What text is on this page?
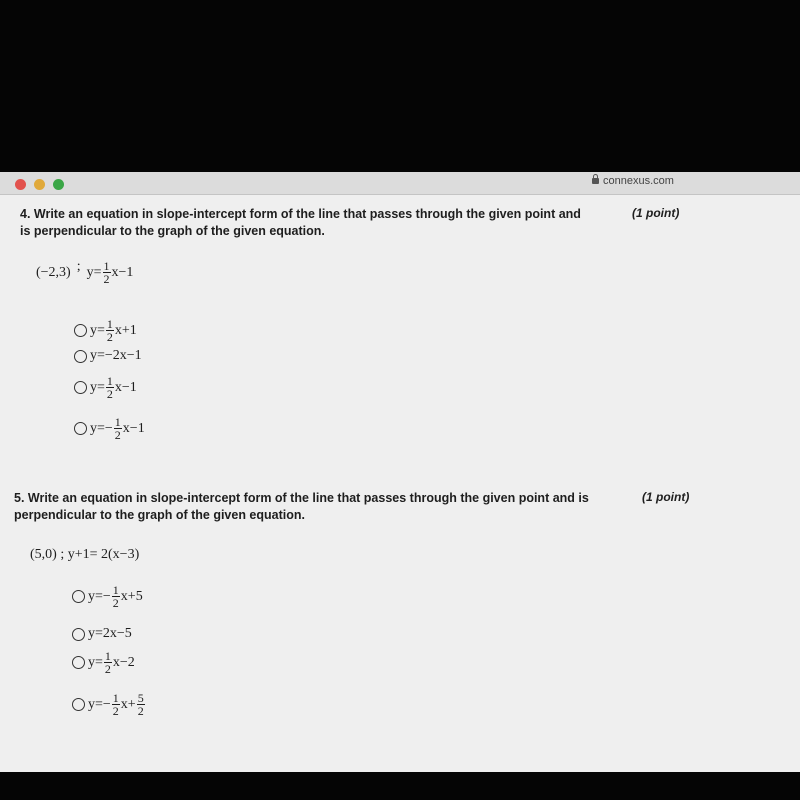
connexus.com
4. Write an equation in slope-intercept form of the line that passes through the given point and is perpendicular to the graph of the given equation.
(1 point)
(−2,3) ; $y= \frac{1}{2} x-1$
$y= \frac{1}{2} x+1$
y=−2x−1
$y= \frac{1}{2} x-1$
$y=- \frac{1}{2} x-1$
5. Write an equation in slope-intercept form of the line that passes through the given point and is perpendicular to the graph of the given equation.
(1 point)
(5,0) ; y+1= 2(x−3)
$y=- \frac{1}{2} x+5$
y=2x−5
$y= \frac{1}{2} x-2$
$y=- \frac{1}{2} x+ \frac{5}{2}$
